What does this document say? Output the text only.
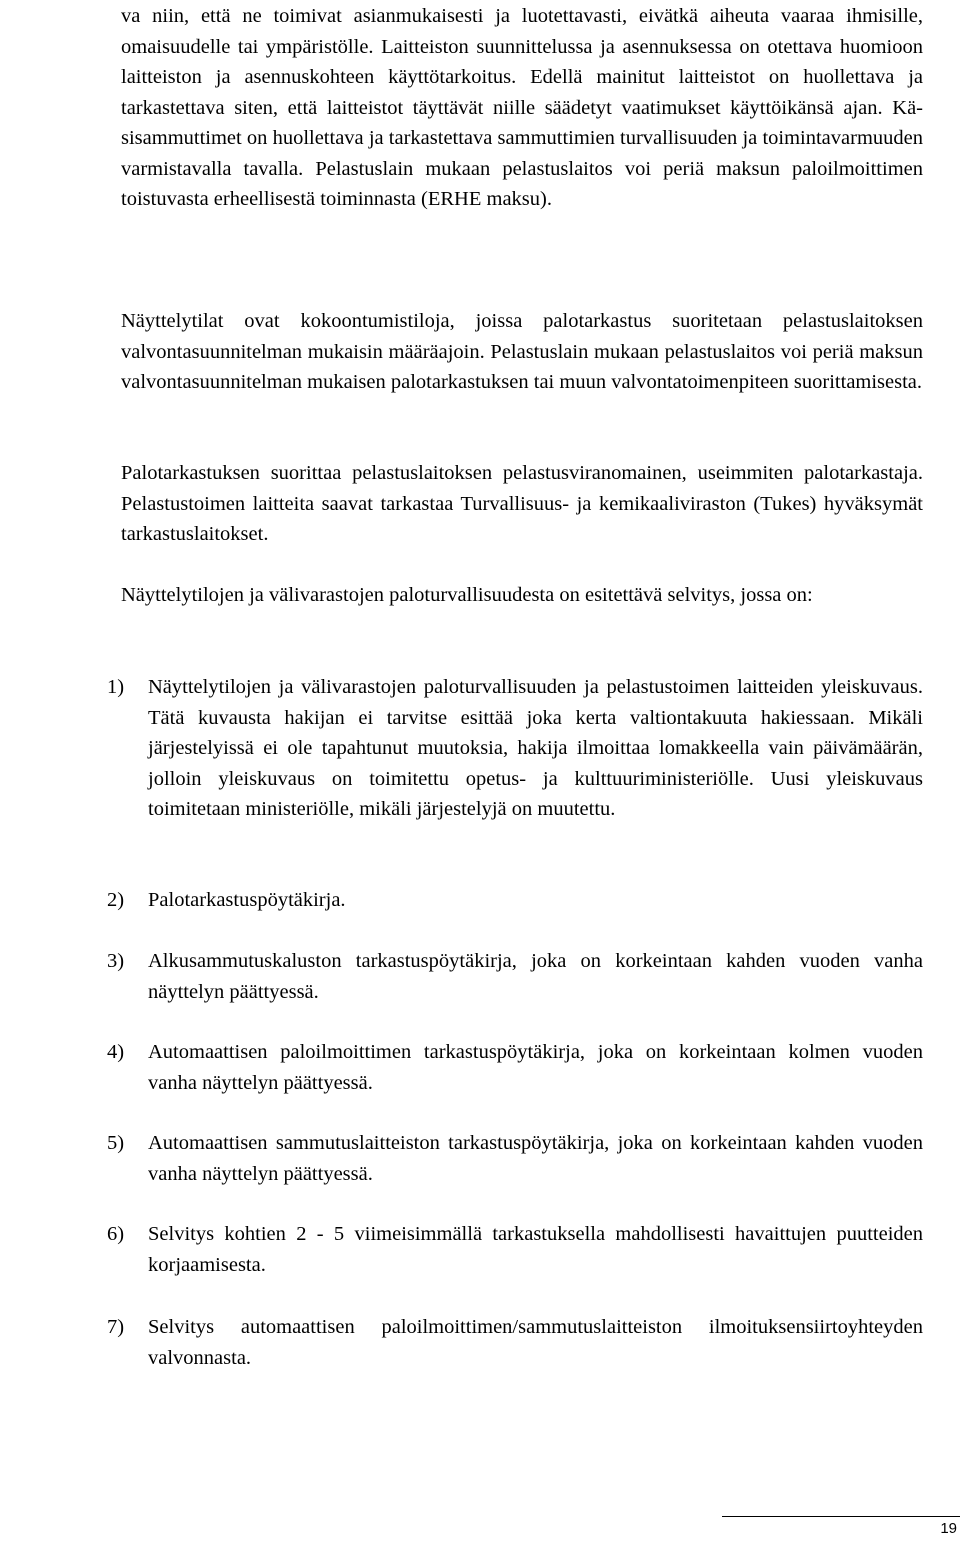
va niin, että ne toimivat asianmukaisesti ja luotettavasti, eivätkä aiheuta vaaraa ihmisille, omaisuudelle tai ympäristölle. Laitteiston suunnittelussa ja asennuksessa on otettava huomioon laitteiston ja asennuskohteen käyttötarkoitus. Edellä mainitut laitteistot on huollettava ja tarkastettava siten, että laitteistot täyttävät niille säädetyt vaatimukset käyttöikänsä ajan. Käsisammuttimet on huollettava ja tarkastettava sammuttimien turvallisuuden ja toimintavarmuuden varmistavalla tavalla. Pelastuslain mukaan pelastuslaitos voi periä maksun paloilmoittimen toistuvasta erheellisestä toiminnasta (ERHE maksu).

Näyttelytilat ovat kokoontumistiloja, joissa palotarkastus suoritetaan pelastuslaitoksen valvontasuunnitelman mukaisin määräajoin. Pelastuslain mukaan pelastuslaitos voi periä maksun valvontasuunnitelman mukaisen palotarkastuksen tai muun valvontatoimenpiteen suorittamisesta.

Palotarkastuksen suorittaa pelastuslaitoksen pelastusviranomainen, useimmiten palotarkastaja. Pelastustoimen laitteita saavat tarkastaa Turvallisuus- ja kemikaaliviraston (Tukes) hyväksymät tarkastuslaitokset.

Näyttelytilojen ja välivarastojen paloturvallisuudesta on esitettävä selvitys, jossa on:

1) Näyttelytilojen ja välivarastojen paloturvallisuuden ja pelastustoimen laitteiden yleiskuvaus. Tätä kuvausta hakijan ei tarvitse esittää joka kerta valtiontakuuta hakiessaan. Mikäli järjestelyissä ei ole tapahtunut muutoksia, hakija ilmoittaa lomakkeella vain päivämäärän, jolloin yleiskuvaus on toimitettu opetus- ja kulttuuriministeriölle. Uusi yleiskuvaus toimitetaan ministeriölle, mikäli järjestelyjä on muutettu.
2) Palotarkastuspöytäkirja.
3) Alkusammutuskaluston tarkastuspöytäkirja, joka on korkeintaan kahden vuoden vanha näyttelyn päättyessä.
4) Automaattisen paloilmoittimen tarkastuspöytäkirja, joka on korkeintaan kolmen vuoden vanha näyttelyn päättyessä.
5) Automaattisen sammutuslaitteiston tarkastuspöytäkirja, joka on korkeintaan kahden vuoden vanha näyttelyn päättyessä.
6) Selvitys kohtien 2 - 5 viimeisimmällä tarkastuksella mahdollisesti havaittujen puutteiden korjaamisesta.
7) Selvitys automaattisen paloilmoittimen/sammutuslaitteiston ilmoituksensiirtoyhteyden valvonnasta.
19
